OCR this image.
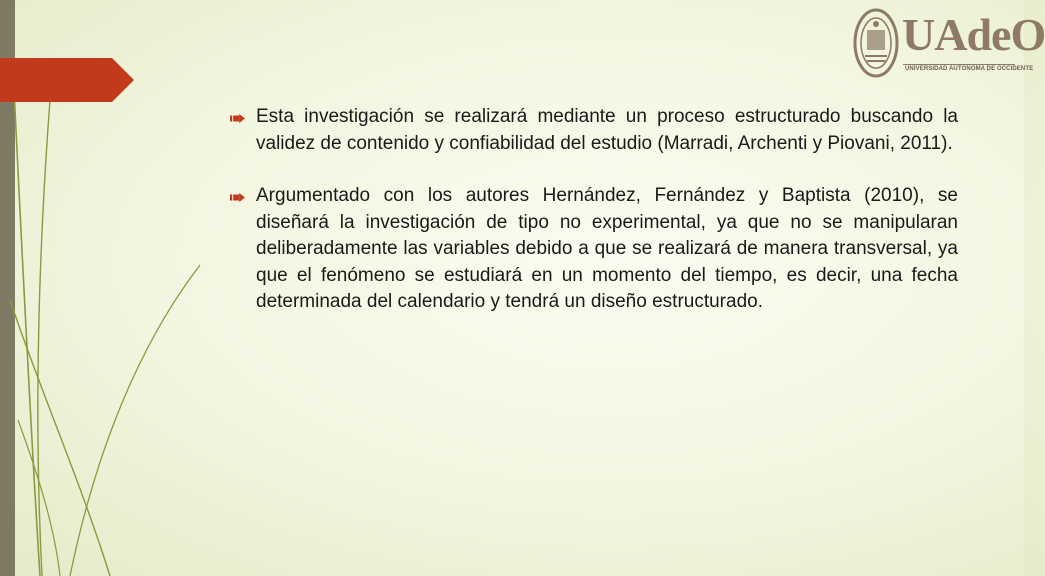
UAdeO
UNIVERSIDAD AUTÓNOMA DE OCCIDENTE
Esta investigación se realizará mediante un proceso estructurado buscando la validez de contenido y confiabilidad del estudio (Marradi, Archenti y Piovani, 2011).
Argumentado con los autores Hernández, Fernández y Baptista (2010), se diseñará la investigación de tipo no experimental, ya que no se manipularan deliberadamente las variables debido a que se realizará de manera transversal, ya que el fenómeno se estudiará en un momento del tiempo, es decir, una fecha determinada del calendario y tendrá un diseño estructurado.
